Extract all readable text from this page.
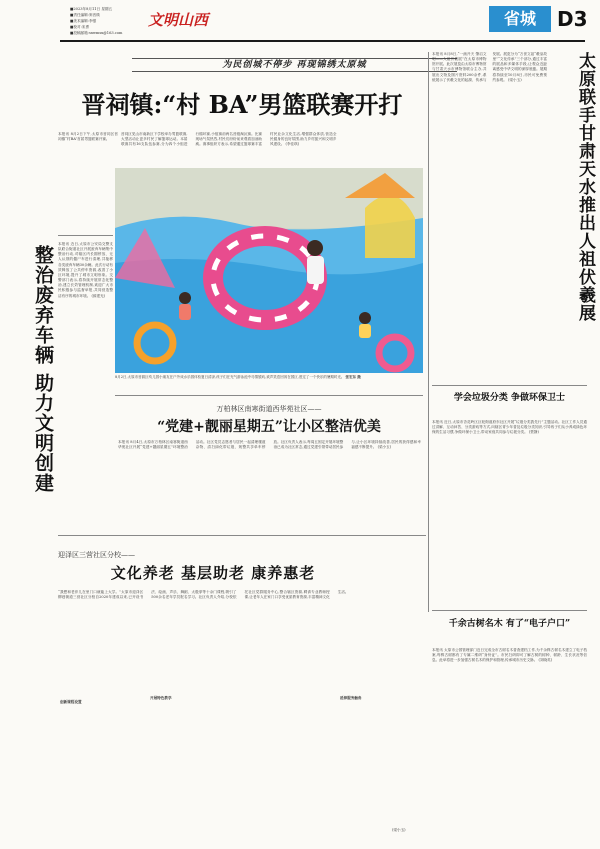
■2023年8月11日 星期五
■责任编辑:窦晋瑛
■美术编辑:李强
■校对:宋勇
■投稿邮箱:sxwmsx@163.com
文明山西	省城	D3
为民创城不停步 再现锦绣太原城
晋祠镇:“村 BA”男篮联赛开打
本报讯 8月2日下午,太原市晋祠区晋祠镇“村BA”首届男篮联赛开赛。
晋祠区见山市南新区下学校举办男篮联赛,大型活动让更多村民了解篮球运动。本届联赛共有16支队伍参赛,分为四个小组进行循环赛,小组赛前两名晋级淘汰赛。比赛现场气氛热烈,村民们纷纷前来观看加油助威。赛事组织方表示,希望通过篮球赛丰富村民业余文化生活,增强群众体质,营造全民健身的良好氛围,助力乡村振兴和文明乡风建设。 (李佳琪)
8月2日,太原市晋源区幼儿园小朋友在户外戏水乐园体验夏日清凉,孩子们在充气游泳池中尽情嬉戏,欢声笑语回荡在园区,度过了一个快乐的暑期时光。 张宏东 摄
整治废弃车辆 助力文明创建
本报讯 近日,太原市公安局交警支队联合街道社区开展废弃车辆集中整治行动,对辖区内长期停放、无人认领的僵尸车进行清理,共拖移各类废弃车辆30余辆。此次行动有效释放了公共停车资源,改善了小区环境,提升了城市文明形象。交警部门表示,将持续开展常态化整治,建立长效管理机制,欢迎广大市民积极参与监督举报,共同营造整洁有序的城市环境。 (薛建光)	太原联手甘肃天水推出人祖伏羲展
本报讯 8月8日,“一画开天 肇启文明——人祖伏羲展”在太原市博物馆开展。此次展览由太原市博物馆与甘肃天水市博物馆联合主办,共展出文物及图片资料200余件,系统展示了伏羲文化的起源、传承与发展。展览分为“万世文祖“羲皇故里”“文化传承”三个部分,通过丰富的展品和多媒体手段,让观众近距离感受中华文明的深厚底蕴。展期将持续至10月8日,市民可免费预约参观。 (梁小玉)
万柏林区南寒街道西华苑社区——
“党建+靓丽星期五”让小区整洁优美
本报讯 8月4日,太原市万柏林区南寒街道西华苑社区开展“党建+靓丽星期五”环境整治活动。社区党员志愿者与居民一起清理楼道杂物、清扫绿化带垃圾、规整共享单车停放。社区负责人表示,每周五固定开展环境整治已成为社区常态,通过党建引领带动居民参与,让小区环境持续改善,居民的获得感和幸福感不断提升。 (梁小玉)
迎泽区三营社区分校——
文化养老 基层助老 康养惠老
“我想和老伴儿在里门口就能上大学。”太原市迎泽区柳巷街道三营社区分校自2020年建成以来,已开设书法、绘画、声乐、舞蹈、太极拳等十余门课程,吸引了500余名老年学员报名学习。社区负责人介绍,分校依托社区党群服务中心,整合辖区资源,聘请专业教师授课,让老年人在家门口享受优质教育资源,丰富精神文化生活。
创新课程设置
开展特色教学	延伸服务触角
(梁小玉)
学会垃圾分类 争做环保卫士
本报讯 近日,太原市杏花岭区巨轮街道府东社区开展“垃圾分类我先行”主题活动。社区工作人员通过讲解、互动问答、分类游戏等方式,向辖区青少年普及垃圾分类知识,引导孩子们从小养成绿色环保的生活习惯,争做环保小卫士,带动家庭共同参与垃圾分类。 (贾静)
千余古树名木 有了“电子户口”
本报讯 太原市公园管理部门近日完成全市古树名木普查建档工作,为千余株古树名木建立了电子档案,每株古树都有了专属二维码“身份证”。市民扫码即可了解古树的树种、树龄、生长状况等信息。此举将进一步加强古树名木的保护和管理,传承城市历史文脉。 (刘晓英)
